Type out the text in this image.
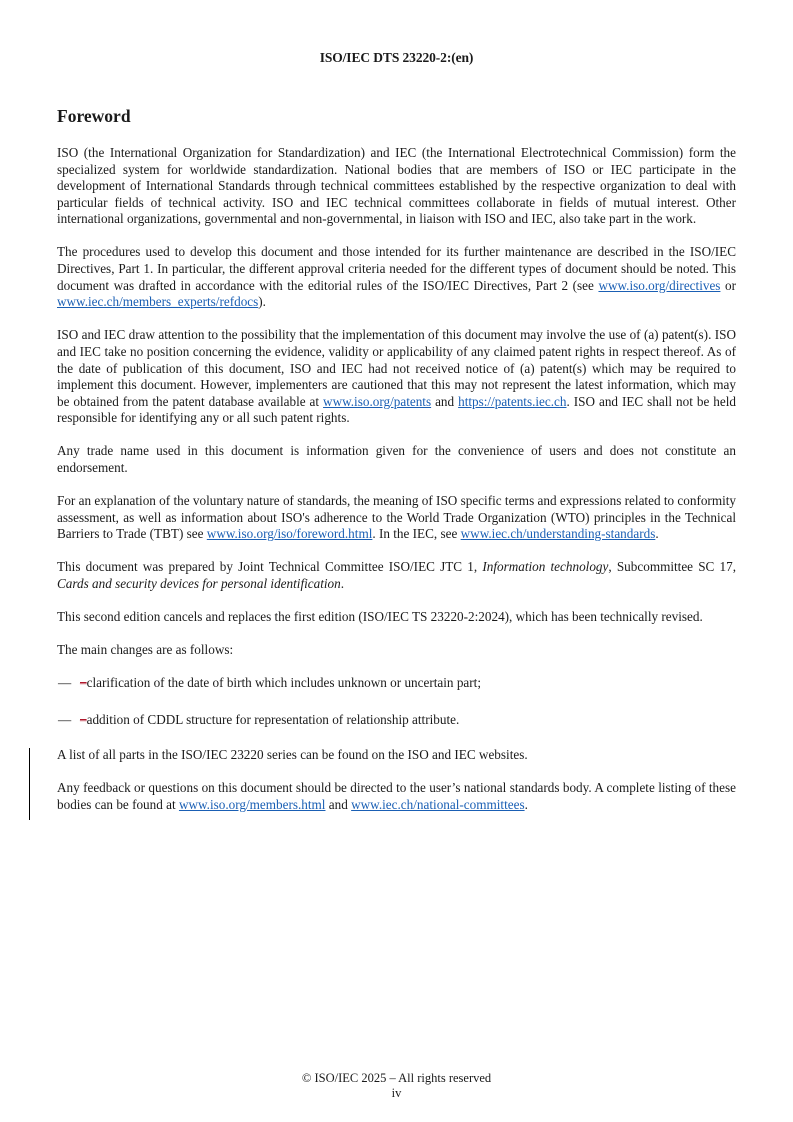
ISO/IEC DTS 23220-2:(en)
Foreword

ISO (the International Organization for Standardization) and IEC (the International Electrotechnical Commission) form the specialized system for worldwide standardization. National bodies that are members of ISO or IEC participate in the development of International Standards through technical committees established by the respective organization to deal with particular fields of technical activity. ISO and IEC technical committees collaborate in fields of mutual interest. Other international organizations, governmental and non-governmental, in liaison with ISO and IEC, also take part in the work.

The procedures used to develop this document and those intended for its further maintenance are described in the ISO/IEC Directives, Part 1. In particular, the different approval criteria needed for the different types of document should be noted. This document was drafted in accordance with the editorial rules of the ISO/IEC Directives, Part 2 (see www.iso.org/directives or www.iec.ch/members_experts/refdocs).

ISO and IEC draw attention to the possibility that the implementation of this document may involve the use of (a) patent(s). ISO and IEC take no position concerning the evidence, validity or applicability of any claimed patent rights in respect thereof. As of the date of publication of this document, ISO and IEC had not received notice of (a) patent(s) which may be required to implement this document. However, implementers are cautioned that this may not represent the latest information, which may be obtained from the patent database available at www.iso.org/patents and https://patents.iec.ch. ISO and IEC shall not be held responsible for identifying any or all such patent rights.

Any trade name used in this document is information given for the convenience of users and does not constitute an endorsement.

For an explanation of the voluntary nature of standards, the meaning of ISO specific terms and expressions related to conformity assessment, as well as information about ISO's adherence to the World Trade Organization (WTO) principles in the Technical Barriers to Trade (TBT) see www.iso.org/iso/foreword.html. In the IEC, see www.iec.ch/understanding-standards.

This document was prepared by Joint Technical Committee ISO/IEC JTC 1, Information technology, Subcommittee SC 17, Cards and security devices for personal identification.

This second edition cancels and replaces the first edition (ISO/IEC TS 23220-2:2024), which has been technically revised.

The main changes are as follows:

— –clarification of the date of birth which includes unknown or uncertain part;
— –addition of CDDL structure for representation of relationship attribute.

A list of all parts in the ISO/IEC 23220 series can be found on the ISO and IEC websites.

Any feedback or questions on this document should be directed to the user’s national standards body. A complete listing of these bodies can be found at www.iso.org/members.html and www.iec.ch/national-committees.

© ISO/IEC 2025 – All rights reserved
iv
